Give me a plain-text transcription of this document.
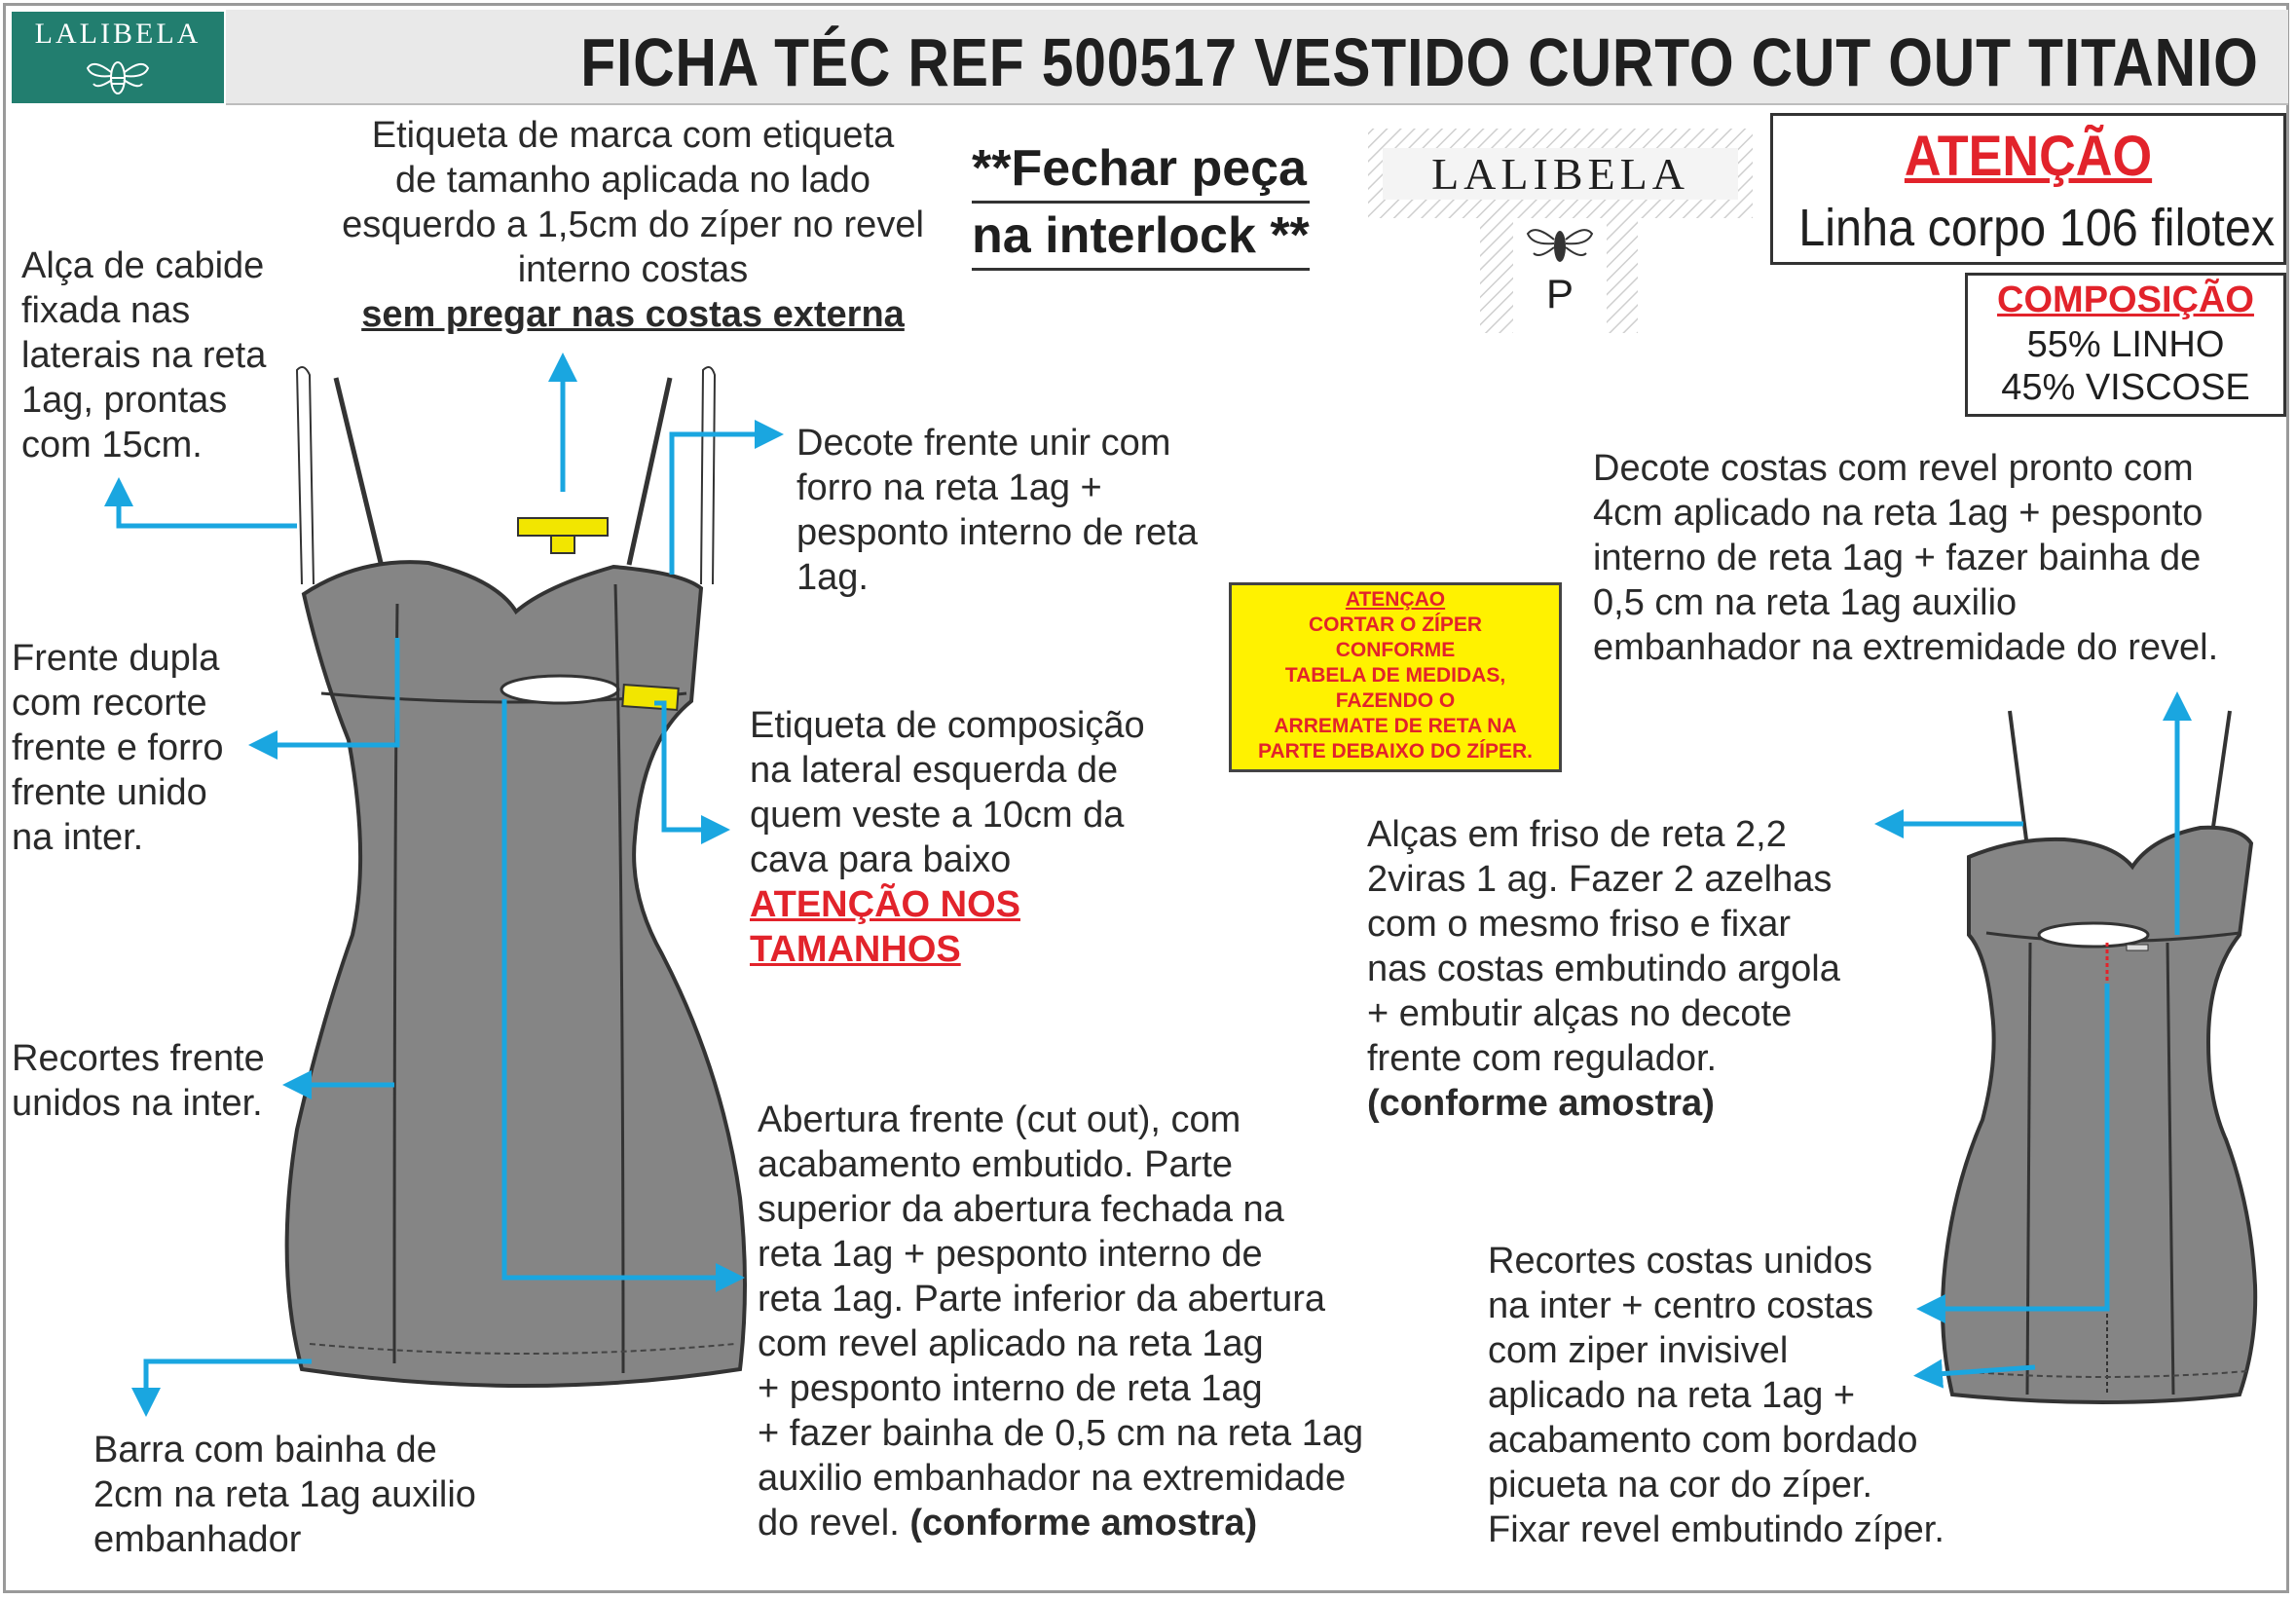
LALIBELA	FICHA TÉC REF 500517 VESTIDO CURTO CUT OUT TITANIO
LALIBELA
P
**Fechar peça
na interlock **
ATENÇÃO
Linha corpo 106 filotex
COMPOSIÇÃO
55% LINHO
45% VISCOSE
ATENÇAO
CORTAR O ZÍPER
CONFORME
TABELA DE MEDIDAS,
FAZENDO O
ARREMATE DE RETA NA
PARTE DEBAIXO DO ZÍPER.
Etiqueta de marca com etiqueta
de tamanho aplicada no lado
esquerdo a 1,5cm do zíper no revel
interno costas
sem pregar nas costas externa
Alça de cabide
fixada nas
laterais na reta
1ag, prontas
com 15cm.	Decote frente unir com
forro na reta 1ag +
pesponto interno de reta
1ag.
Frente dupla
com recorte
frente e forro
frente unido
na inter.
Etiqueta de composição
na lateral esquerda de
quem veste a 10cm da
cava para baixo
ATENÇÃO NOS
TAMANHOS
Recortes frente
unidos na inter.	Abertura frente (cut out), com
acabamento embutido. Parte
superior da abertura fechada na
reta 1ag + pesponto interno de
reta 1ag. Parte inferior da abertura
com revel aplicado na reta 1ag
+ pesponto interno de reta 1ag
+ fazer bainha de 0,5 cm na reta 1ag
auxilio embanhador na extremidade
do revel. (conforme amostra)
Barra com bainha de
2cm na reta 1ag auxilio
embanhador
Decote costas com revel pronto com
4cm aplicado na reta 1ag + pesponto
interno de reta 1ag + fazer bainha de
0,5 cm na reta 1ag auxilio
embanhador na extremidade do revel.
Alças em friso de reta 2,2
2viras 1 ag. Fazer 2 azelhas
com o mesmo friso e fixar
nas costas embutindo argola
+ embutir alças no decote
frente com regulador.
(conforme amostra)
Recortes costas unidos
na inter + centro costas
com ziper invisivel
aplicado na reta 1ag +
acabamento com bordado
picueta na cor do zíper.
Fixar revel embutindo zíper.
